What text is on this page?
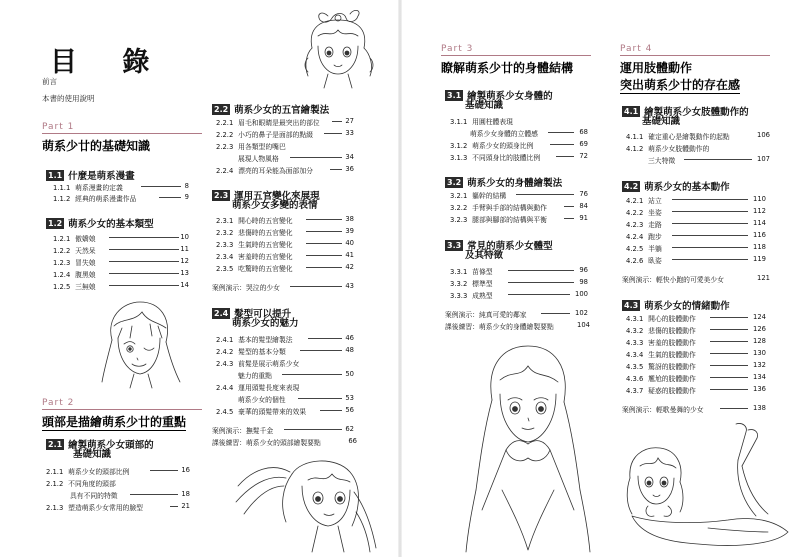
目 錄
前言
本書的使用說明
Part 1
萌系少廿的基礎知識
1.1 什麼是萌系漫畫
1.1.1 萌系漫畫的定義	8
1.1.2 經典的萌系漫畫作品	9
1.2 萌系少女的基本類型
1.2.1 傲嬌娘	10
1.2.2 天然呆	11
1.2.3 冒失娘	12
1.2.4 腹黑娘	13
1.2.5 三無娘	14
Part 2
頭部是描繪萌系少廿的重點
2.1 繪製萌系少女頭部的
基礎知識
2.1.1 萌系少女的頭部比例	16
2.1.2 不同角度的頭部
具有不同的特徵	18
2.1.3 塑造萌系少女常用的臉型	21
2.2 萌系少女的五官繪製法
2.2.1 眉毛和眼睛是最突出的部位	27
2.2.2 小巧的鼻子是面部的點綴	33
2.2.3 用各類型的嘴巴
展現人物風格	34
2.2.4 漂亮的耳朵能為面部加分	36
2.3 運用五官變化來展現
萌系少女多變的表情
2.3.1 開心時的五官變化	38
2.3.2 悲傷時的五官變化	39
2.3.3 生氣時的五官變化	40
2.3.4 害羞時的五官變化	41
2.3.5 吃驚時的五官變化	42
案例演示：哭泣的少女	43
2.4 髮型可以提升
萌系少女的魅力
2.4.1 基本的髮型繪製法	46
2.4.2 髮型的基本分類	48
2.4.3 前髮是展示萌系少女
魅力的重點	50
2.4.4 運用頭髮長度來表現
萌系少女的個性	53
2.4.5 豪華的頭髮帶來的效果	56
案例演示：撫髮千金	62
課後練習：萌系少女的頭部繪製要點	66
Part 3
瞭解萌系少廿的身體結構
3.1 繪製萌系少女身體的
基礎知識
3.1.1 用圓柱體表現
萌系少女身體的立體感	68
3.1.2 萌系少女的頭身比例	69
3.1.3 不同頭身比的肢體比例	72
3.2 萌系少女的身體繪製法
3.2.1 軀幹的結構	76
3.2.2 手臂與手部的結構與動作	84
3.2.3 腿部與腳部的結構與平衡	91
3.3 常見的萌系少女體型
及其特徵
3.3.1 苗條型	96
3.3.2 標準型	98
3.3.3 成熟型	100
案例演示：純真可愛的鄰家	102
課後練習：萌系少女的身體繪製要點	104
Part 4
運用肢體動作
突出萌系少廿的存在感
4.1 繪製萌系少女肢體動作的
基礎知識
4.1.1 確定重心是繪製動作的起點	106
4.1.2 萌系少女肢體動作的
三大特徵	107
4.2 萌系少女的基本動作
4.2.1 站立	110
4.2.2 坐姿	112
4.2.3 走路	114
4.2.4 跑步	116
4.2.5 半躺	118
4.2.6 臥姿	119
案例演示：輕快小跑的可愛美少女	121
4.3 萌系少女的情緒動作
4.3.1 開心的肢體動作	124
4.3.2 悲傷的肢體動作	126
4.3.3 害羞的肢體動作	128
4.3.4 生氣的肢體動作	130
4.3.5 驚訝的肢體動作	132
4.3.6 尷尬的肢體動作	134
4.3.7 疑惑的肢體動作	136
案例演示：輕歌曼舞的少女	138
